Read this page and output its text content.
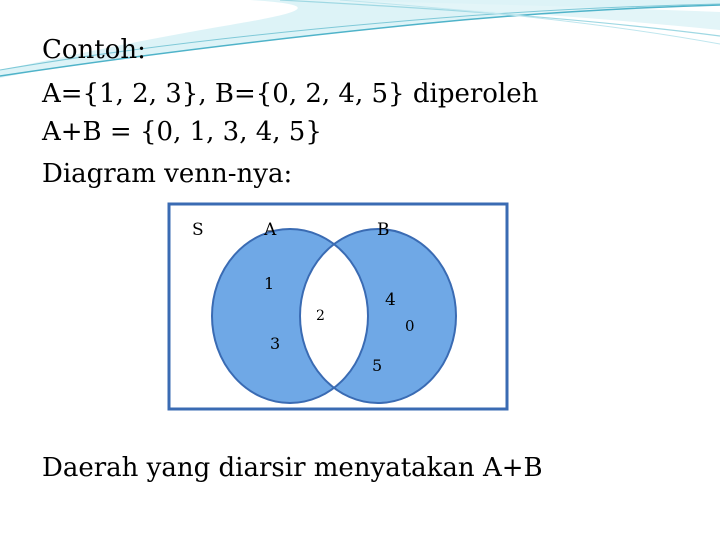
Contoh:

A={1, 2, 3}, B={0, 2, 4, 5} diperoleh

A+B = {0, 1, 3, 4, 5}

Diagram venn-nya:

S	A	B
1
2
3
4
0
5

Daerah yang diarsir menyatakan A+B
